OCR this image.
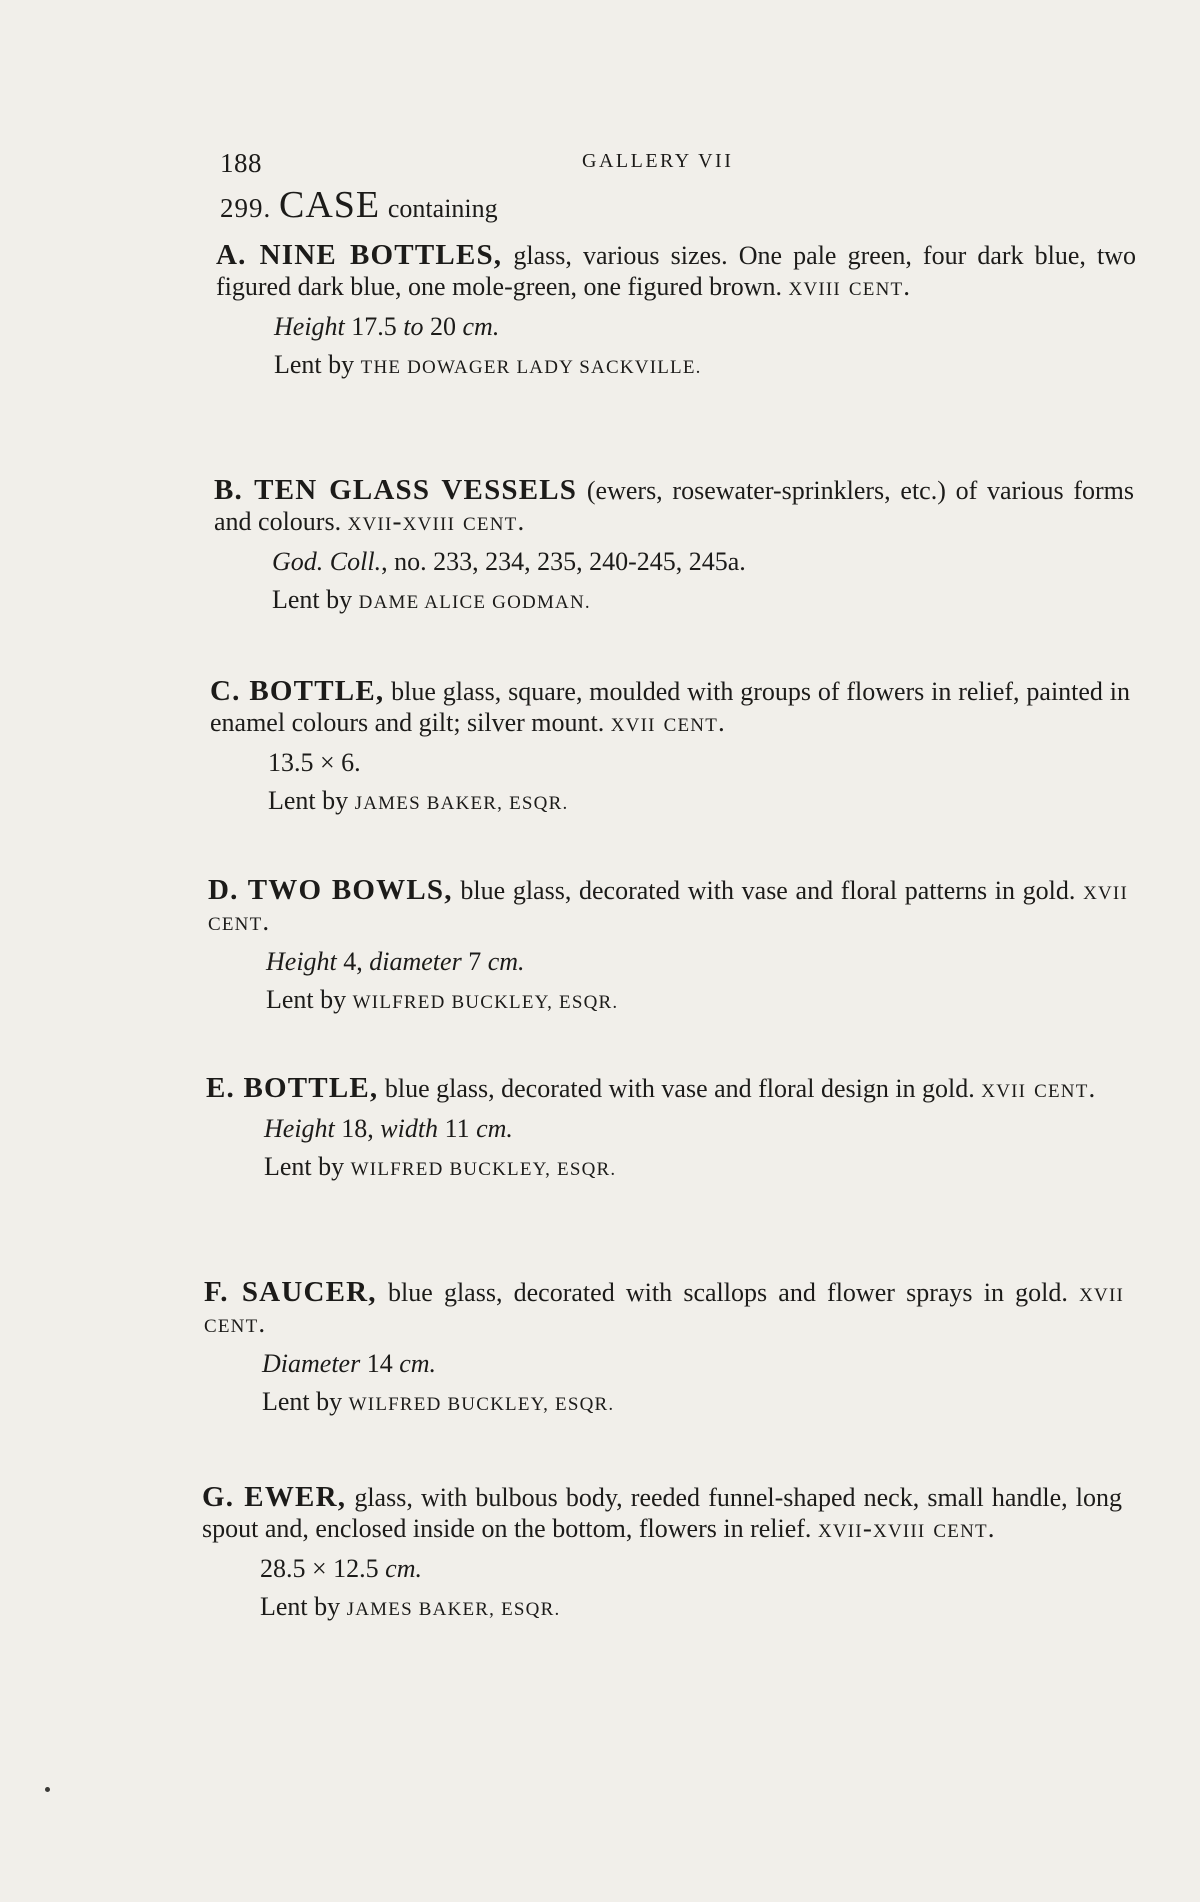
188	GALLERY VII
299. CASE containing
A. NINE BOTTLES, glass, various sizes. One pale green, four dark blue, two figured dark blue, one mole-green, one figured brown. xviii cent.
Height 17.5 to 20 cm.
Lent by THE DOWAGER LADY SACKVILLE.
B. TEN GLASS VESSELS (ewers, rosewater-sprinklers, etc.) of various forms and colours. xvii-xviii cent.
God. Coll., no. 233, 234, 235, 240-245, 245a.
Lent by DAME ALICE GODMAN.
C. BOTTLE, blue glass, square, moulded with groups of flowers in relief, painted in enamel colours and gilt; silver mount. xvii cent.
13.5 × 6.
Lent by JAMES BAKER, ESQR.
D. TWO BOWLS, blue glass, decorated with vase and floral patterns in gold. xvii cent.
Height 4, diameter 7 cm.
Lent by WILFRED BUCKLEY, ESQR.
E. BOTTLE, blue glass, decorated with vase and floral design in gold. xvii cent.
Height 18, width 11 cm.
Lent by WILFRED BUCKLEY, ESQR.
F. SAUCER, blue glass, decorated with scallops and flower sprays in gold. xvii cent.
Diameter 14 cm.
Lent by WILFRED BUCKLEY, ESQR.
G. EWER, glass, with bulbous body, reeded funnel-shaped neck, small handle, long spout and, enclosed inside on the bottom, flowers in relief. xvii-xviii cent.
28.5 × 12.5 cm.
Lent by JAMES BAKER, ESQR.
